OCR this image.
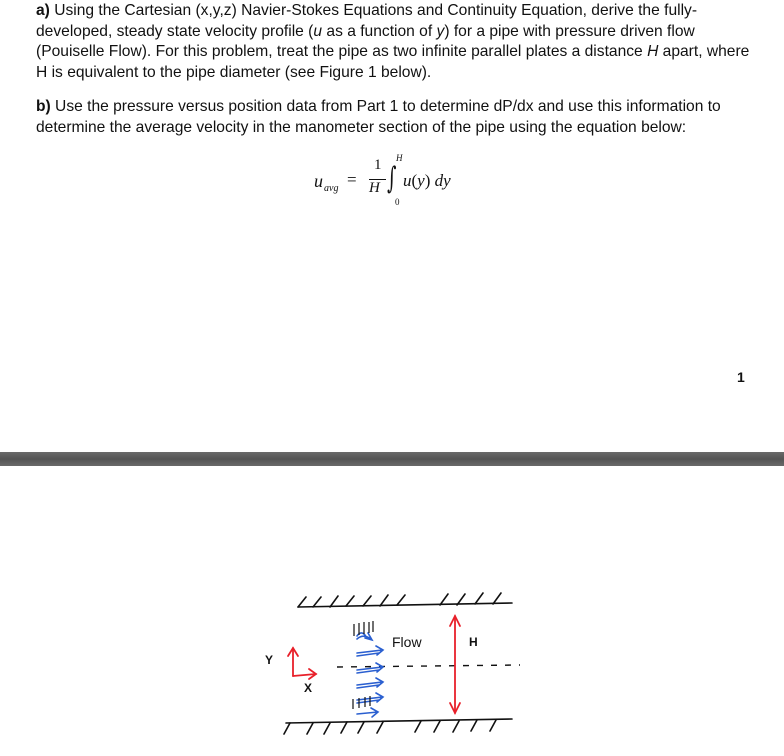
a) Using the Cartesian (x,y,z) Navier-Stokes Equations and Continuity Equation, derive the fully-developed, steady state velocity profile (u as a function of y) for a pipe with pressure driven flow (Pouiselle Flow). For this problem, treat the pipe as two infinite parallel plates a distance H apart, where H is equivalent to the pipe diameter (see Figure 1 below).

b) Use the pressure versus position data from Part 1 to determine dP/dx and use this information to determine the average velocity in the manometer section of the pipe using the equation below:

u avg =
1
H
H
∫
0
u(y) dy
1
Flow	H
Y
X
